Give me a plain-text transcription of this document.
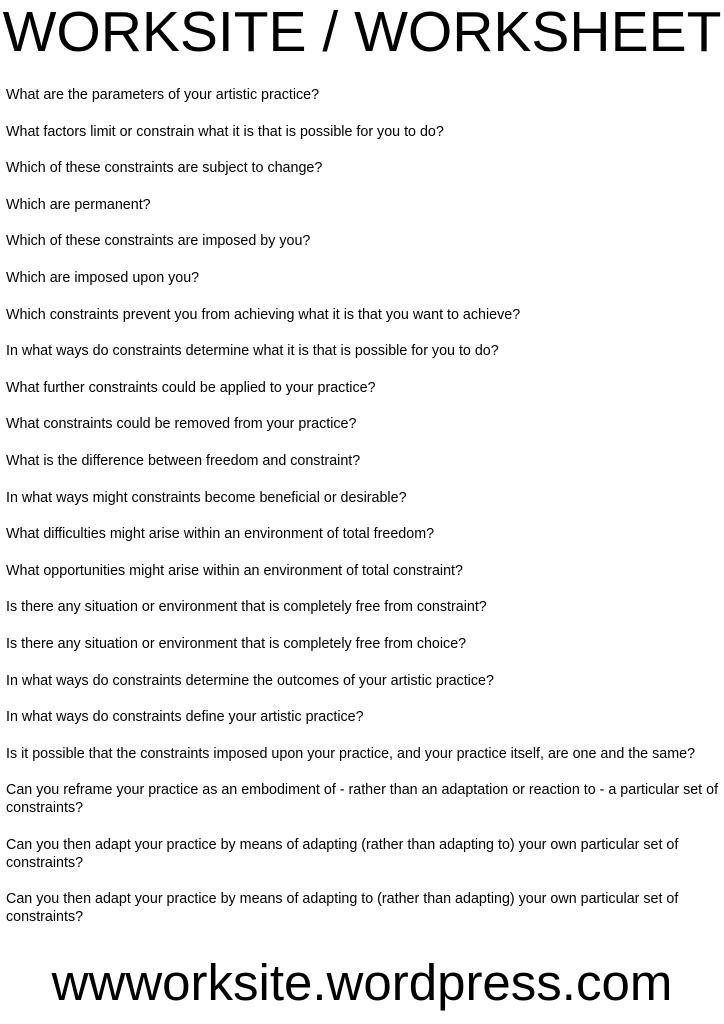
WORKSITE / WORKSHEET
What are the parameters of your artistic practice?
What factors limit or constrain what it is that is possible for you to do?
Which of these constraints are subject to change?
Which are permanent?
Which of these constraints are imposed by you?
Which are imposed upon you?
Which constraints prevent you from achieving what it is that you want to achieve?
In what ways do constraints determine what it is that is possible for you to do?
What further constraints could be applied to your practice?
What constraints could be removed from your practice?
What is the difference between freedom and constraint?
In what ways might constraints become beneficial or desirable?
What difficulties might arise within an environment of total freedom?
What opportunities might arise within an environment of total constraint?
Is there any situation or environment that is completely free from constraint?
Is there any situation or environment that is completely free from choice?
In what ways do constraints determine the outcomes of your artistic practice?
In what ways do constraints define your artistic practice?
Is it possible that the constraints imposed upon your practice, and your practice itself, are one and the same?
Can you reframe your practice as an embodiment of - rather than an adaptation or reaction to - a particular set of constraints?
Can you then adapt your practice by means of adapting (rather than adapting to) your own particular set of constraints?
Can you then adapt your practice by means of adapting to (rather than adapting) your own particular set of constraints?
wwworksite.wordpress.com
